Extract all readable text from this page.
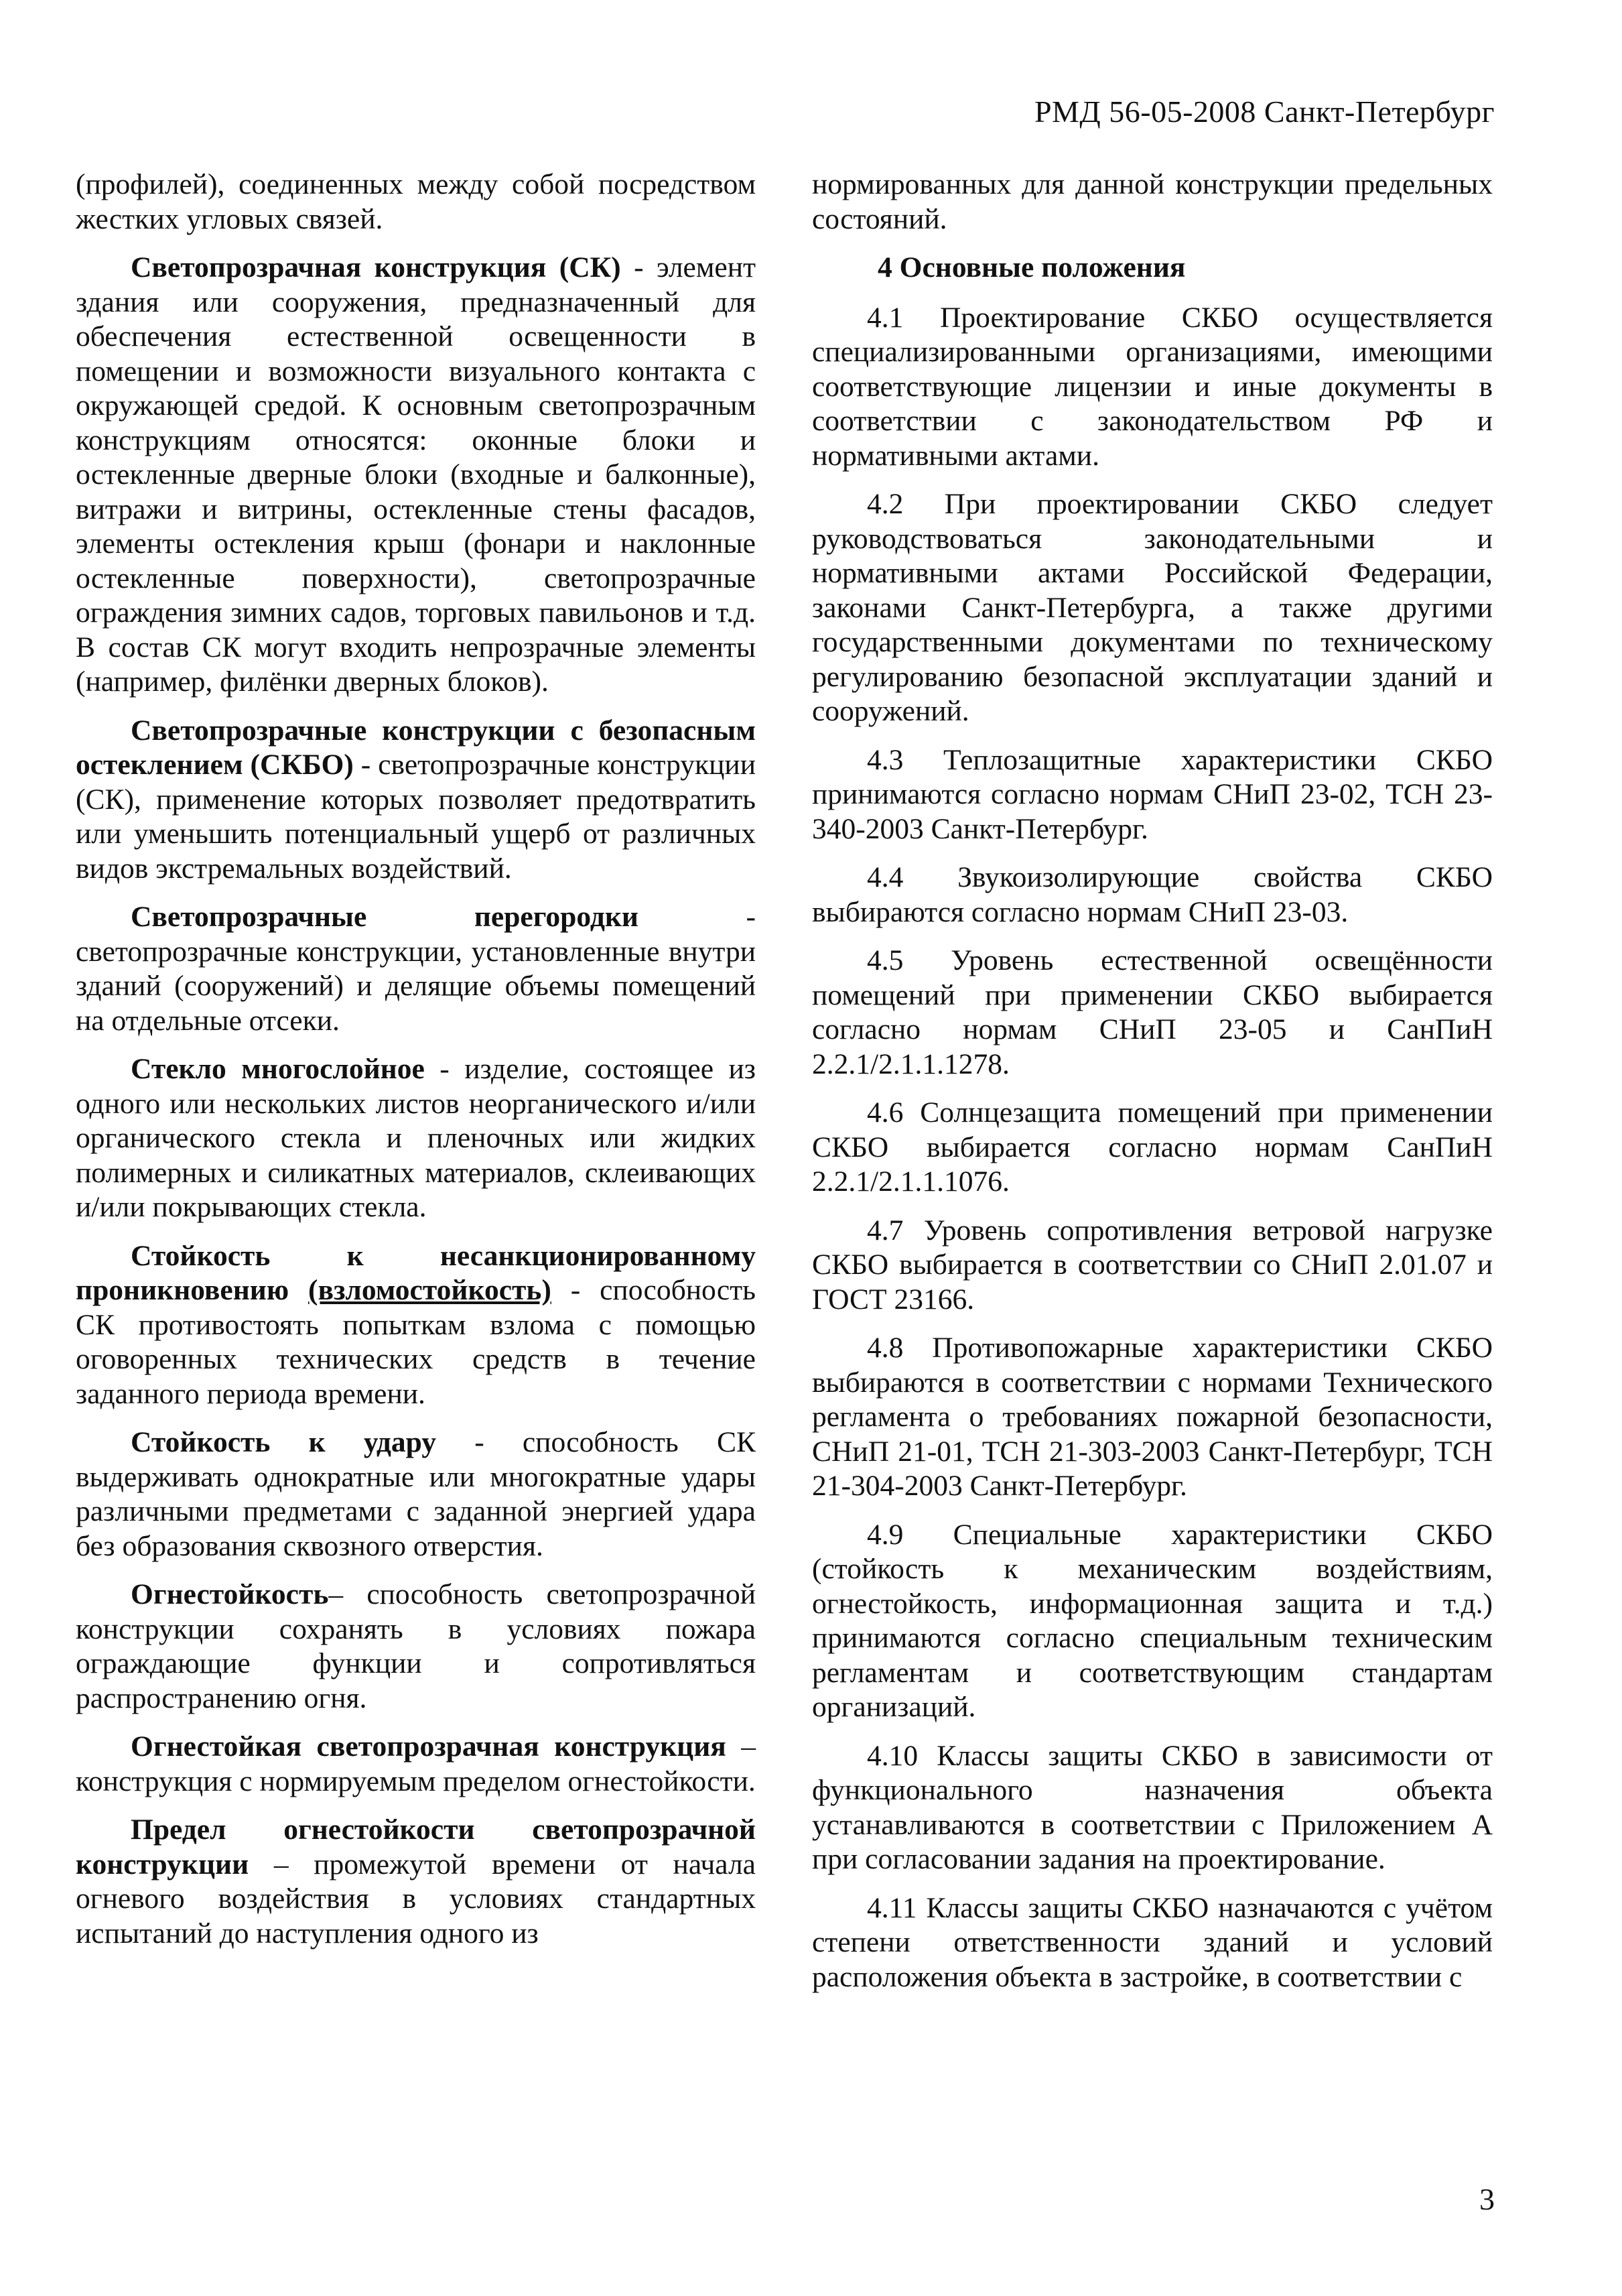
РМД 56-05-2008 Санкт-Петербург

(профилей), соединенных между собой посредством жестких угловых связей.

Светопрозрачная конструкция (СК) - элемент здания или сооружения, предназначенный для обеспечения естественной освещенности в помещении и возможности визуального контакта с окружающей средой. К основным светопрозрачным конструкциям относятся: оконные блоки и остекленные дверные блоки (входные и балконные), витражи и витрины, остекленные стены фасадов, элементы остекления крыш (фонари и наклонные остекленные поверхности), светопрозрачные ограждения зимних садов, торговых павильонов и т.д. В состав СК могут входить непрозрачные элементы (например, филёнки дверных блоков).

Светопрозрачные конструкции с безопасным остеклением (СКБО) - светопрозрачные конструкции (СК), применение которых позволяет предотвратить или уменьшить потенциальный ущерб от различных видов экстремальных воздействий.

Светопрозрачные перегородки - светопрозрачные конструкции, установленные внутри зданий (сооружений) и делящие объемы помещений на отдельные отсеки.

Стекло многослойное - изделие, состоящее из одного или нескольких листов неорганического и/или органического стекла и пленочных или жидких полимерных и силикатных материалов, склеивающих и/или покрывающих стекла.

Стойкость к несанкционированному проникновению (взломостойкость) - способность СК противостоять попыткам взлома с помощью оговоренных технических средств в течение заданного периода времени.

Стойкость к удару - способность СК выдерживать однократные или многократные удары различными предметами с заданной энергией удара без образования сквозного отверстия.

Огнестойкость– способность светопрозрачной конструкции сохранять в условиях пожара ограждающие функции и сопротивляться распространению огня.

Огнестойкая светопрозрачная конструкция – конструкция с нормируемым пределом огнестойкости.

Предел огнестойкости светопрозрачной конструкции – промежутой времени от начала огневого воздействия в условиях стандартных испытаний до наступления одного из

нормированных для данной конструкции предельных состояний.

4 Основные положения

4.1 Проектирование СКБО осуществляется специализированными организациями, имеющими соответствующие лицензии и иные документы в соответствии с законодательством РФ и нормативными актами.

4.2 При проектировании СКБО следует руководствоваться законодательными и нормативными актами Российской Федерации, законами Санкт-Петербурга, а также другими государственными документами по техническому регулированию безопасной эксплуатации зданий и сооружений.

4.3 Теплозащитные характеристики СКБО принимаются согласно нормам СНиП 23-02, ТСН 23-340-2003 Санкт-Петербург.

4.4 Звукоизолирующие свойства СКБО выбираются согласно нормам СНиП 23-03.

4.5 Уровень естественной освещённости помещений при применении СКБО выбирается согласно нормам СНиП 23-05 и СанПиН 2.2.1/2.1.1.1278.

4.6 Солнцезащита помещений при применении СКБО выбирается согласно нормам СанПиН 2.2.1/2.1.1.1076.

4.7 Уровень сопротивления ветровой нагрузке СКБО выбирается в соответствии со СНиП 2.01.07 и ГОСТ 23166.

4.8 Противопожарные характеристики СКБО выбираются в соответствии с нормами Технического регламента о требованиях пожарной безопасности, СНиП 21-01, ТСН 21-303-2003 Санкт-Петербург, ТСН 21-304-2003 Санкт-Петербург.

4.9 Специальные характеристики СКБО (стойкость к механическим воздействиям, огнестойкость, информационная защита и т.д.) принимаются согласно специальным техническим регламентам и соответствующим стандартам организаций.

4.10 Классы защиты СКБО в зависимости от функционального назначения объекта устанавливаются в соответствии с Приложением А при согласовании задания на проектирование.

4.11 Классы защиты СКБО назначаются с учётом степени ответственности зданий и условий расположения объекта в застройке, в соответствии с

3
